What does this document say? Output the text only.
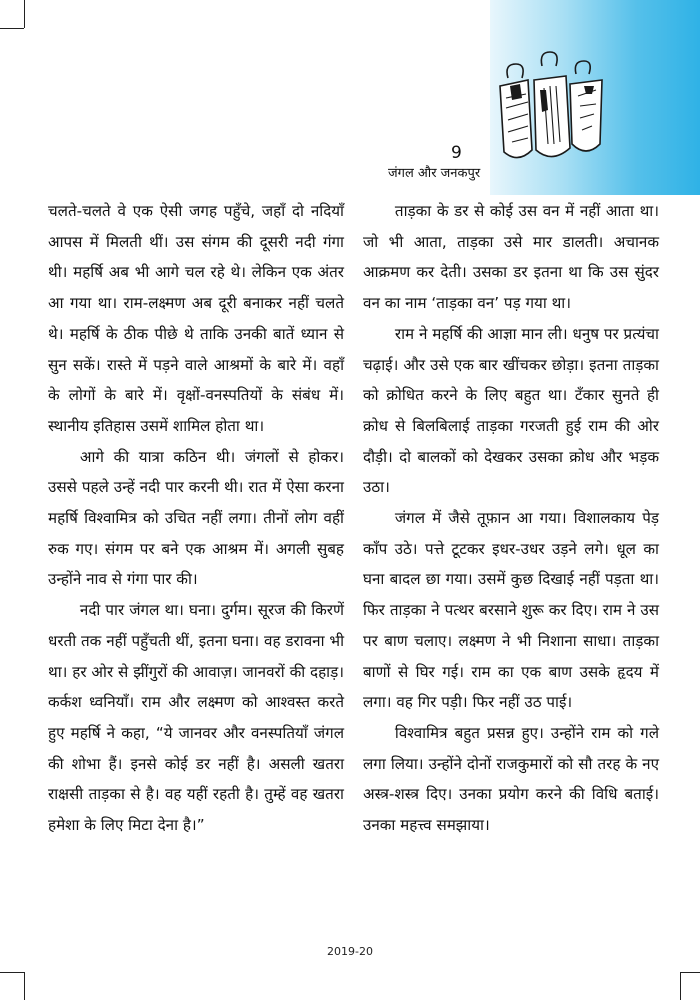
9
जंगल और जनकपुर

चलते-चलते वे एक ऐसी जगह पहुँचे, जहाँ दो नदियाँ आपस में मिलती थीं। उस संगम की दूसरी नदी गंगा थी। महर्षि अब भी आगे चल रहे थे। लेकिन एक अंतर आ गया था। राम-लक्ष्मण अब दूरी बनाकर नहीं चलते थे। महर्षि के ठीक पीछे थे ताकि उनकी बातें ध्यान से सुन सकें। रास्ते में पड़ने वाले आश्रमों के बारे में। वहाँ के लोगों के बारे में। वृक्षों-वनस्पतियों के संबंध में। स्थानीय इतिहास उसमें शामिल होता था।

आगे की यात्रा कठिन थी। जंगलों से होकर। उससे पहले उन्हें नदी पार करनी थी। रात में ऐसा करना महर्षि विश्वामित्र को उचित नहीं लगा। तीनों लोग वहीं रुक गए। संगम पर बने एक आश्रम में। अगली सुबह उन्होंने नाव से गंगा पार की।

नदी पार जंगल था। घना। दुर्गम। सूरज की किरणें धरती तक नहीं पहुँचती थीं, इतना घना। वह डरावना भी था। हर ओर से झींगुरों की आवाज़। जानवरों की दहाड़। कर्कश ध्वनियाँ। राम और लक्ष्मण को आश्वस्त करते हुए महर्षि ने कहा, “ये जानवर और वनस्पतियाँ जंगल की शोभा हैं। इनसे कोई डर नहीं है। असली खतरा राक्षसी ताड़का से है। वह यहीं रहती है। तुम्हें वह खतरा हमेशा के लिए मिटा देना है।”

ताड़का के डर से कोई उस वन में नहीं आता था। जो भी आता, ताड़का उसे मार डालती। अचानक आक्रमण कर देती। उसका डर इतना था कि उस सुंदर वन का नाम ‘ताड़का वन’ पड़ गया था।

राम ने महर्षि की आज्ञा मान ली। धनुष पर प्रत्यंचा चढ़ाई। और उसे एक बार खींचकर छोड़ा। इतना ताड़का को क्रोधित करने के लिए बहुत था। टँकार सुनते ही क्रोध से बिलबिलाई ताड़का गरजती हुई राम की ओर दौड़ी। दो बालकों को देखकर उसका क्रोध और भड़क उठा।

जंगल में जैसे तूफ़ान आ गया। विशालकाय पेड़ काँप उठे। पत्ते टूटकर इधर-उधर उड़ने लगे। धूल का घना बादल छा गया। उसमें कुछ दिखाई नहीं पड़ता था। फिर ताड़का ने पत्थर बरसाने शुरू कर दिए। राम ने उस पर बाण चलाए। लक्ष्मण ने भी निशाना साधा। ताड़का बाणों से घिर गई। राम का एक बाण उसके हृदय में लगा। वह गिर पड़ी। फिर नहीं उठ पाई।

विश्वामित्र बहुत प्रसन्न हुए। उन्होंने राम को गले लगा लिया। उन्होंने दोनों राजकुमारों को सौ तरह के नए अस्त्र-शस्त्र दिए। उनका प्रयोग करने की विधि बताई। उनका महत्त्व समझाया।

2019-20
